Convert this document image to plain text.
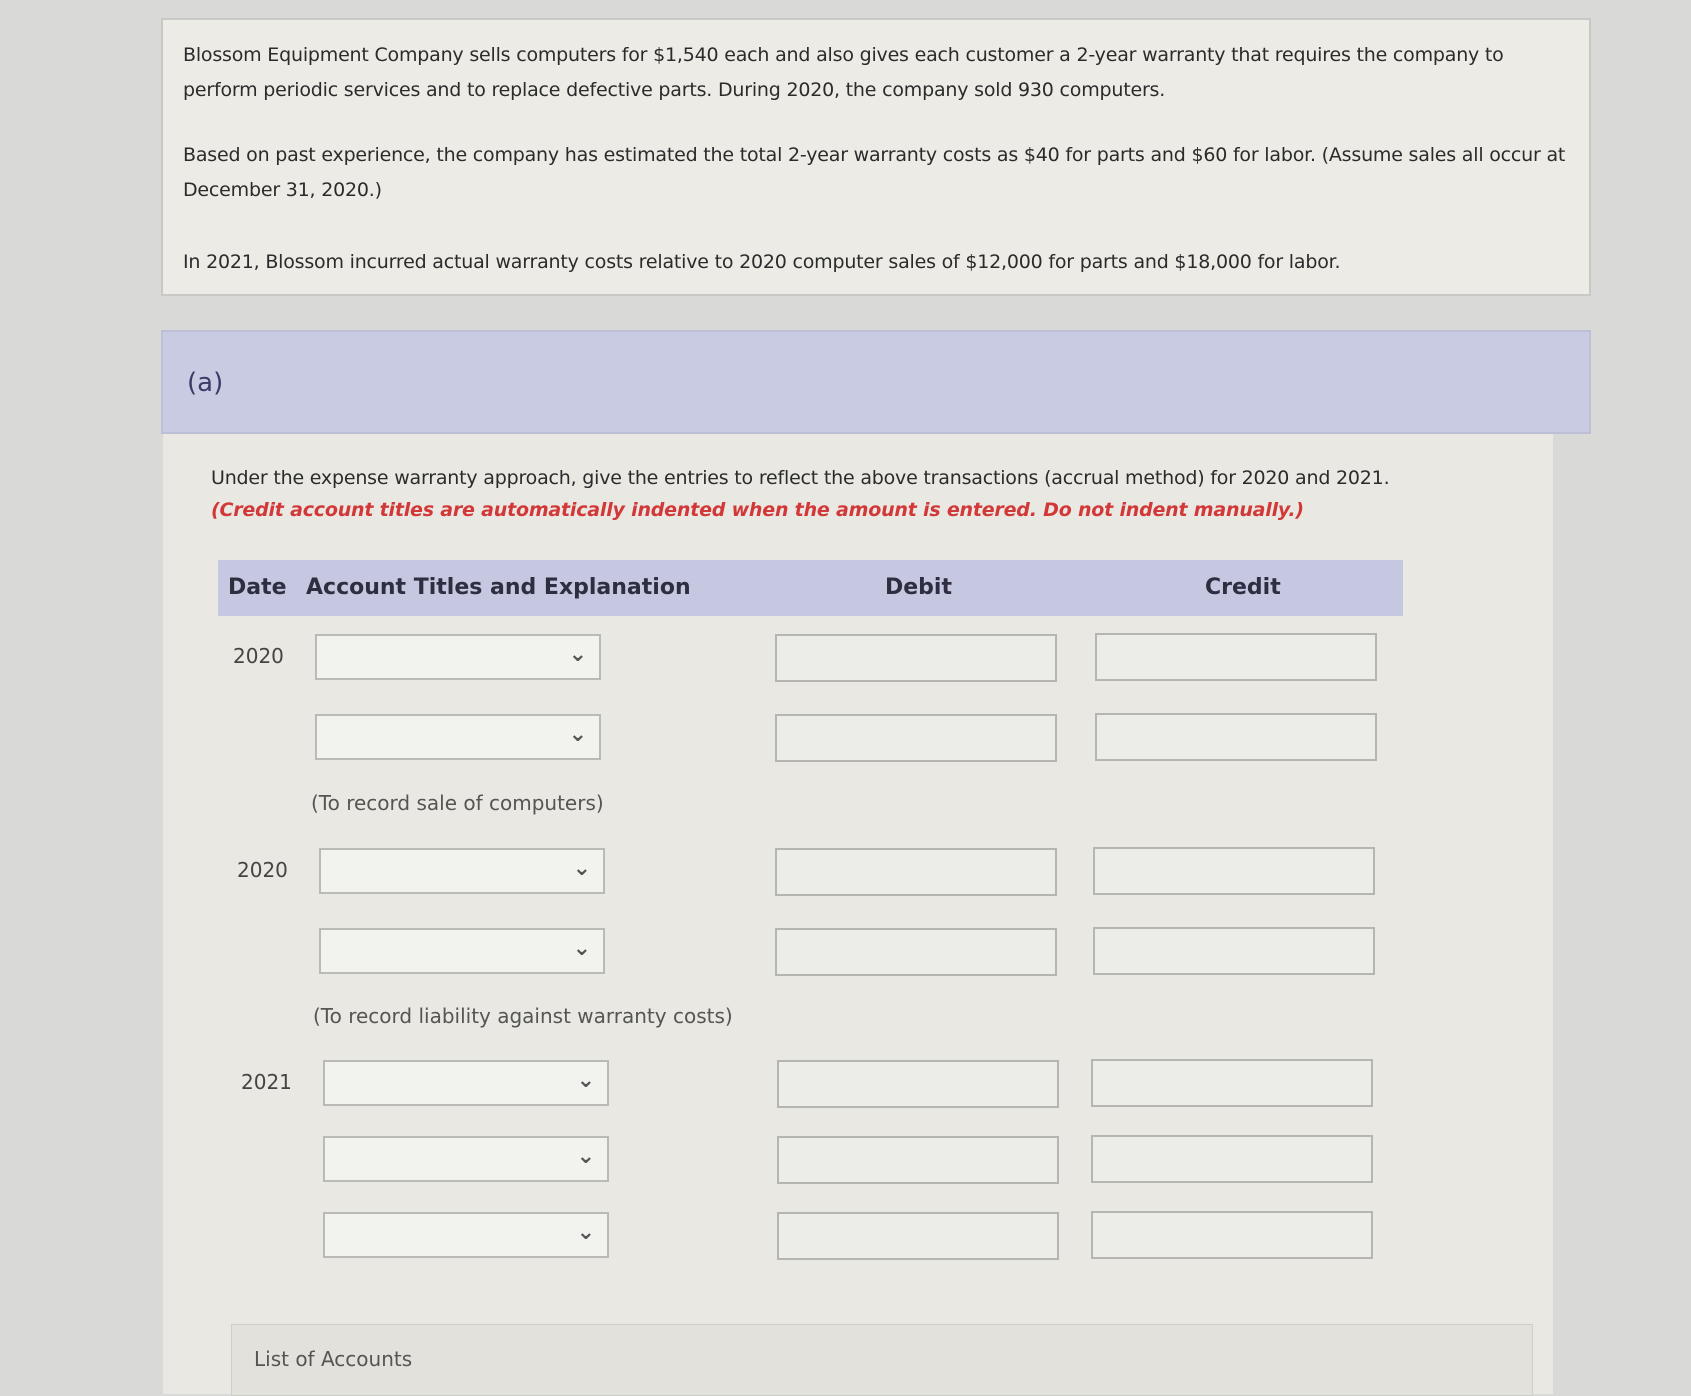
Blossom Equipment Company sells computers for $1,540 each and also gives each customer a 2-year warranty that requires the company to perform periodic services and to replace defective parts. During 2020, the company sold 930 computers.

Based on past experience, the company has estimated the total 2-year warranty costs as $40 for parts and $60 for labor. (Assume sales all occur at December 31, 2020.)

In 2021, Blossom incurred actual warranty costs relative to 2020 computer sales of $12,000 for parts and $18,000 for labor.

(a)

Under the expense warranty approach, give the entries to reflect the above transactions (accrual method) for 2020 and 2021.
(Credit account titles are automatically indented when the amount is entered. Do not indent manually.)

Date Account Titles and Explanation	Debit	Credit
2020	⌄
⌄
(To record sale of computers)
2020	⌄
⌄
(To record liability against warranty costs)
2021	⌄
⌄
⌄
List of Accounts
